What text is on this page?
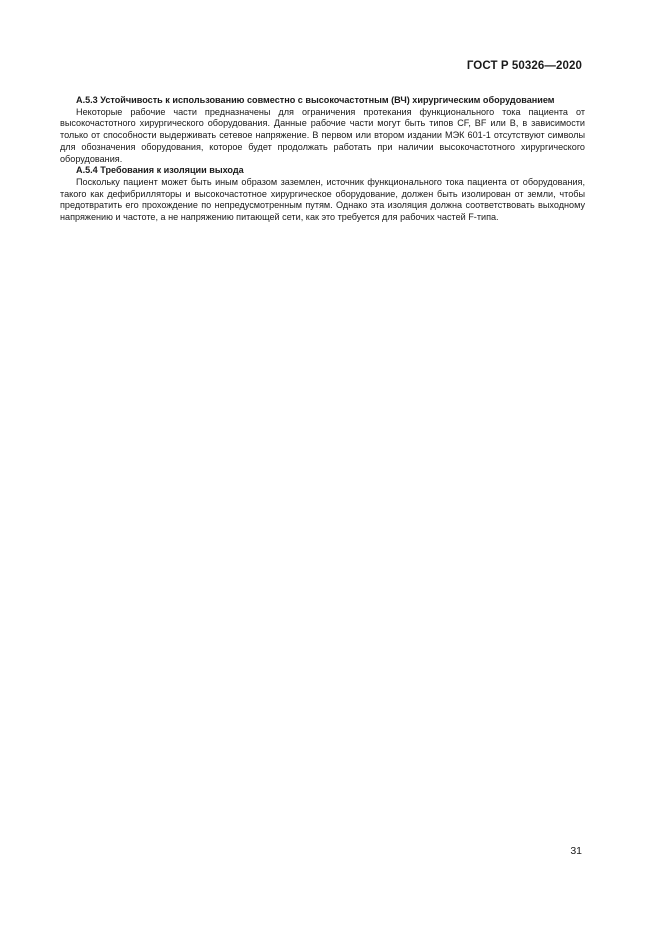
ГОСТ Р 50326—2020

А.5.3 Устойчивость к использованию совместно с высокочастотным (ВЧ) хирургическим оборудованием

Некоторые рабочие части предназначены для ограничения протекания функционального тока пациента от высокочастотного хирургического оборудования. Данные рабочие части могут быть типов CF, BF или B, в зависимости только от способности выдерживать сетевое напряжение. В первом или втором издании МЭК 601-1 отсутствуют символы для обозначения оборудования, которое будет продолжать работать при наличии высокочастотного хирургического оборудования.

А.5.4 Требования к изоляции выхода

Поскольку пациент может быть иным образом заземлен, источник функционального тока пациента от оборудования, такого как дефибрилляторы и высокочастотное хирургическое оборудование, должен быть изолирован от земли, чтобы предотвратить его прохождение по непредусмотренным путям. Однако эта изоляция должна соответствовать выходному напряжению и частоте, а не напряжению питающей сети, как это требуется для рабочих частей F-типа.

31
